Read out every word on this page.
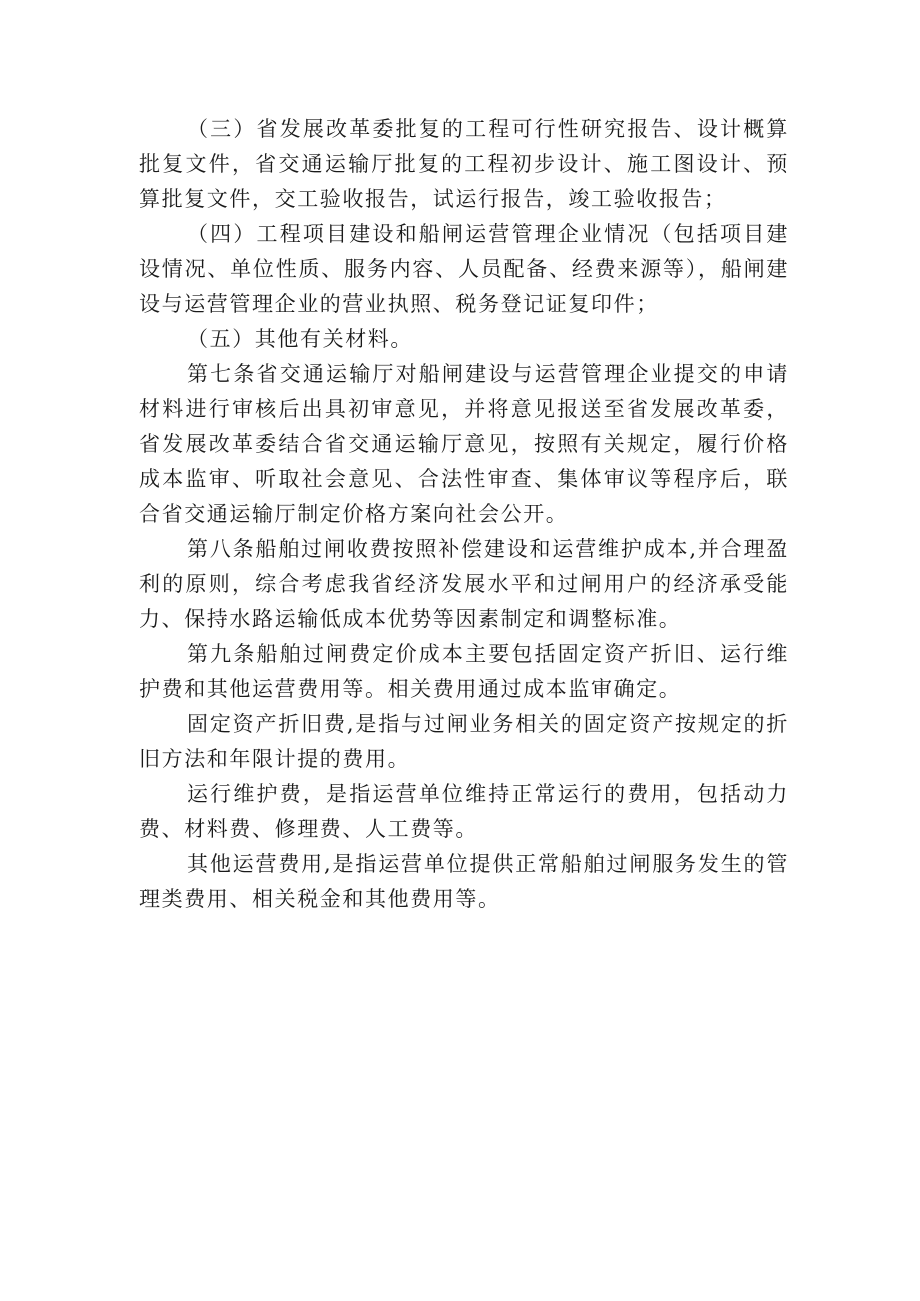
（三）省发展改革委批复的工程可行性研究报告、设计概算批复文件，省交通运输厅批复的工程初步设计、施工图设计、预算批复文件，交工验收报告，试运行报告，竣工验收报告；

（四）工程项目建设和船闸运营管理企业情况（包括项目建设情况、单位性质、服务内容、人员配备、经费来源等），船闸建设与运营管理企业的营业执照、税务登记证复印件；

（五）其他有关材料。

第七条省交通运输厅对船闸建设与运营管理企业提交的申请材料进行审核后出具初审意见，并将意见报送至省发展改革委，省发展改革委结合省交通运输厅意见，按照有关规定，履行价格成本监审、听取社会意见、合法性审查、集体审议等程序后，联合省交通运输厅制定价格方案向社会公开。

第八条船舶过闸收费按照补偿建设和运营维护成本,并合理盈利的原则，综合考虑我省经济发展水平和过闸用户的经济承受能力、保持水路运输低成本优势等因素制定和调整标准。

第九条船舶过闸费定价成本主要包括固定资产折旧、运行维护费和其他运营费用等。相关费用通过成本监审确定。

固定资产折旧费,是指与过闸业务相关的固定资产按规定的折旧方法和年限计提的费用。

运行维护费，是指运营单位维持正常运行的费用，包括动力费、材料费、修理费、人工费等。

其他运营费用,是指运营单位提供正常船舶过闸服务发生的管理类费用、相关税金和其他费用等。
